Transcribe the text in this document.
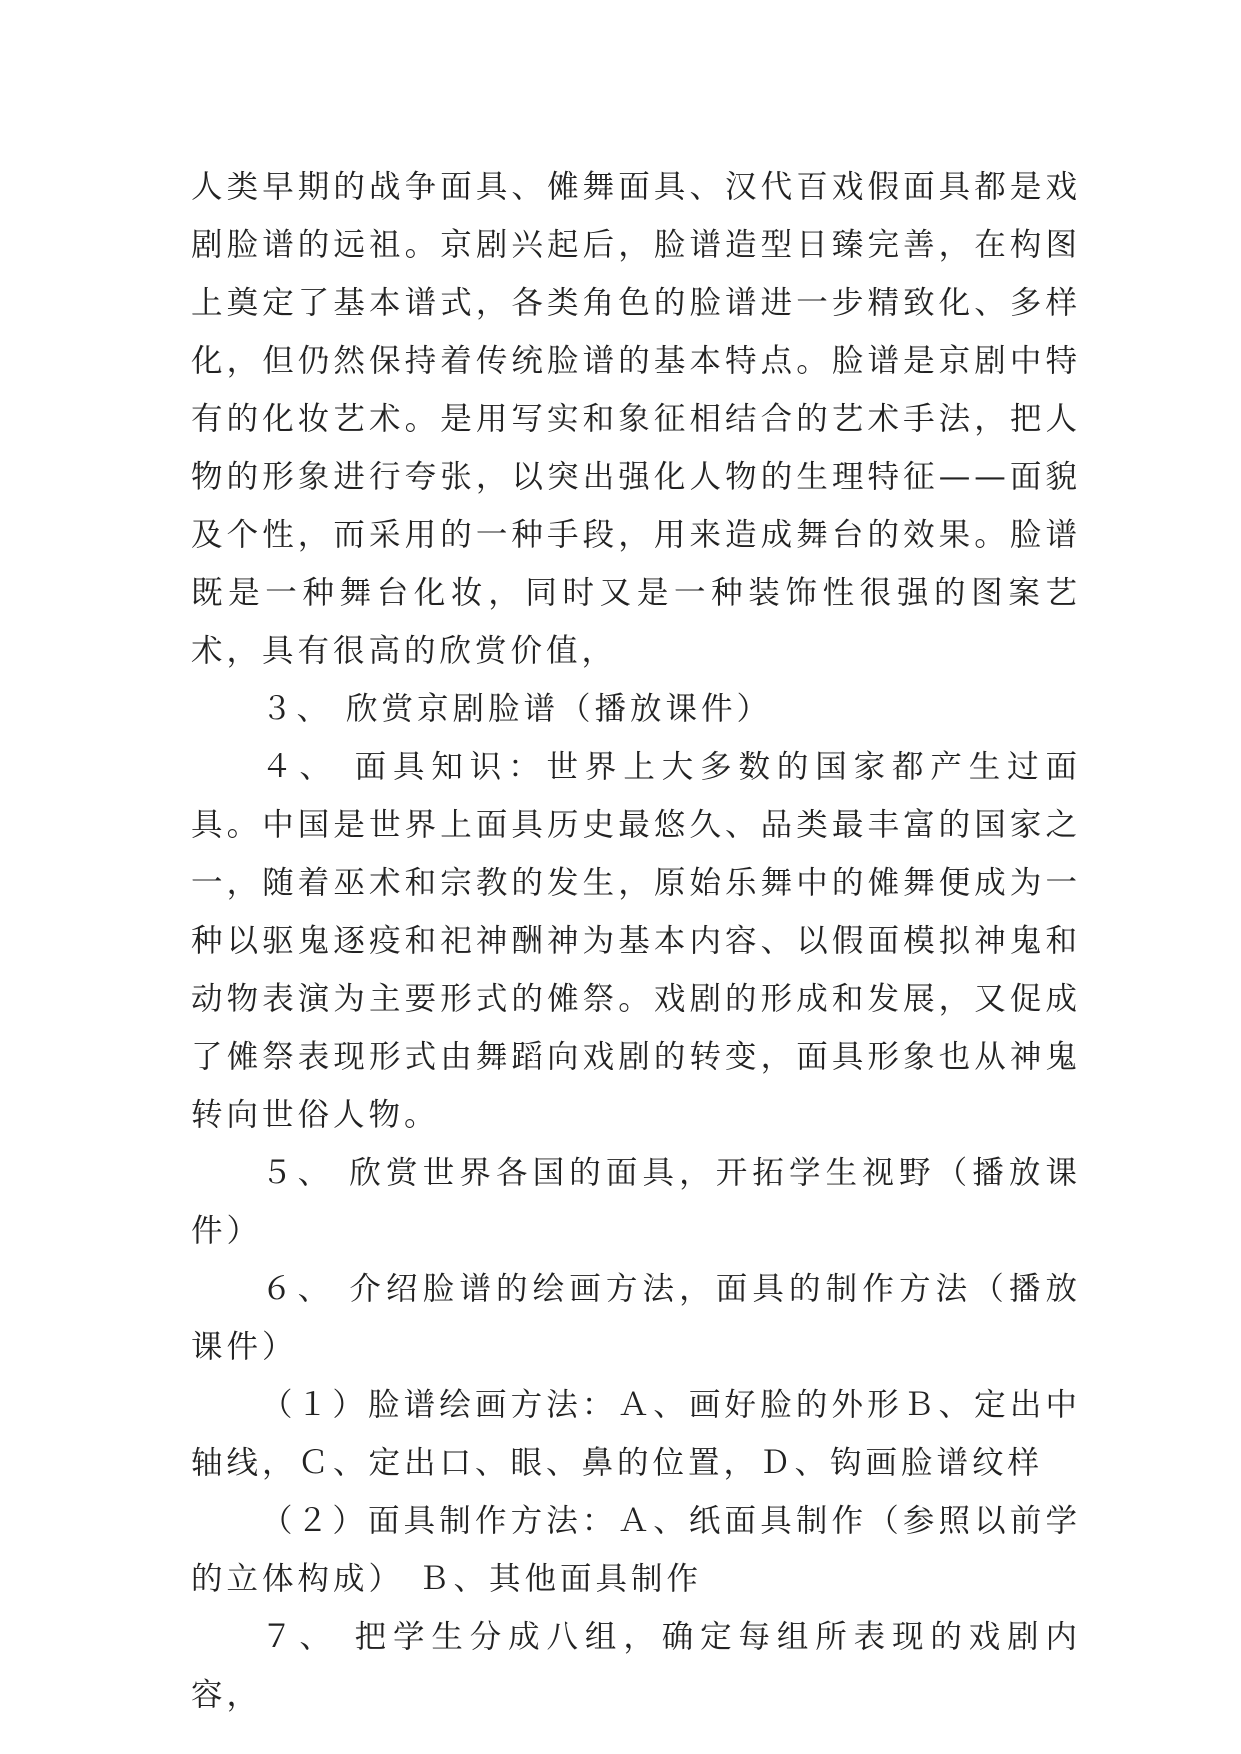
人类早期的战争面具、傩舞面具、汉代百戏假面具都是戏剧脸谱的远祖。京剧兴起后，脸谱造型日臻完善，在构图上奠定了基本谱式，各类角色的脸谱进一步精致化、多样化，但仍然保持着传统脸谱的基本特点。脸谱是京剧中特有的化妆艺术。是用写实和象征相结合的艺术手法，把人物的形象进行夸张，以突出强化人物的生理特征——面貌及个性，而采用的一种手段，用来造成舞台的效果。脸谱既是一种舞台化妆，同时又是一种装饰性很强的图案艺术，具有很高的欣赏价值，

３、 欣赏京剧脸谱（播放课件）

４、 面具知识：世界上大多数的国家都产生过面具。中国是世界上面具历史最悠久、品类最丰富的国家之一，随着巫术和宗教的发生，原始乐舞中的傩舞便成为一种以驱鬼逐疫和祀神酬神为基本内容、以假面模拟神鬼和动物表演为主要形式的傩祭。戏剧的形成和发展，又促成了傩祭表现形式由舞蹈向戏剧的转变，面具形象也从神鬼转向世俗人物。

５、 欣赏世界各国的面具，开拓学生视野（播放课件）

６、 介绍脸谱的绘画方法，面具的制作方法（播放课件）

（１）脸谱绘画方法：Ａ、画好脸的外形Ｂ、定出中轴线，Ｃ、定出口、眼、鼻的位置，Ｄ、钩画脸谱纹样

（２）面具制作方法：Ａ、纸面具制作（参照以前学的立体构成） Ｂ、其他面具制作

７、 把学生分成八组，确定每组所表现的戏剧内容，
